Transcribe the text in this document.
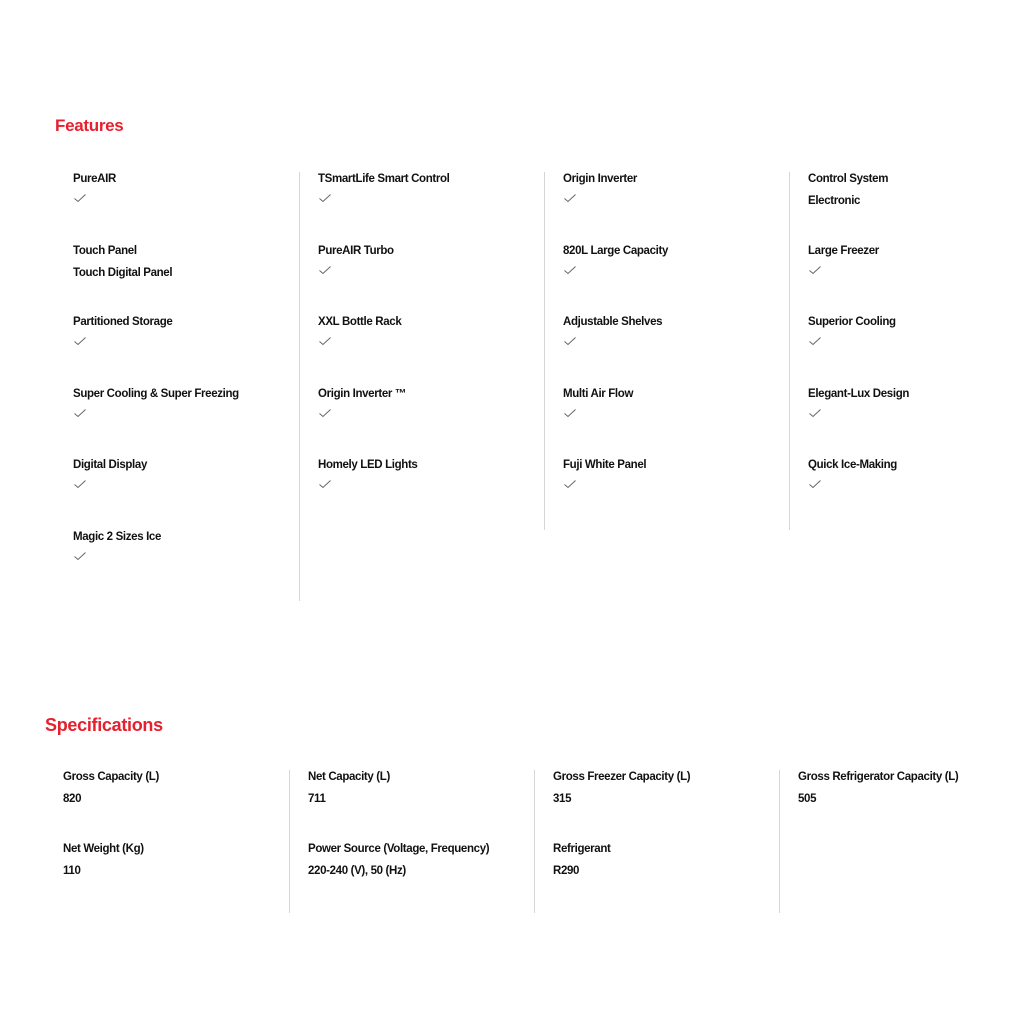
Features
PureAIR
Touch Panel
Touch Digital Panel
Partitioned Storage
Super Cooling & Super Freezing
Digital Display
Magic 2 Sizes Ice
TSmartLife Smart Control
PureAIR Turbo
XXL Bottle Rack
Origin Inverter ™
Homely LED Lights
Origin Inverter
820L Large Capacity
Adjustable Shelves
Multi Air Flow
Fuji White Panel
Control System
Electronic
Large Freezer
Superior Cooling
Elegant-Lux Design
Quick Ice-Making
Specifications
Gross Capacity (L)
820
Net Weight (Kg)
110
Net Capacity (L)
711
Power Source (Voltage, Frequency)
220-240 (V), 50 (Hz)
Gross Freezer Capacity (L)
315
Refrigerant
R290
Gross Refrigerator Capacity (L)
505
